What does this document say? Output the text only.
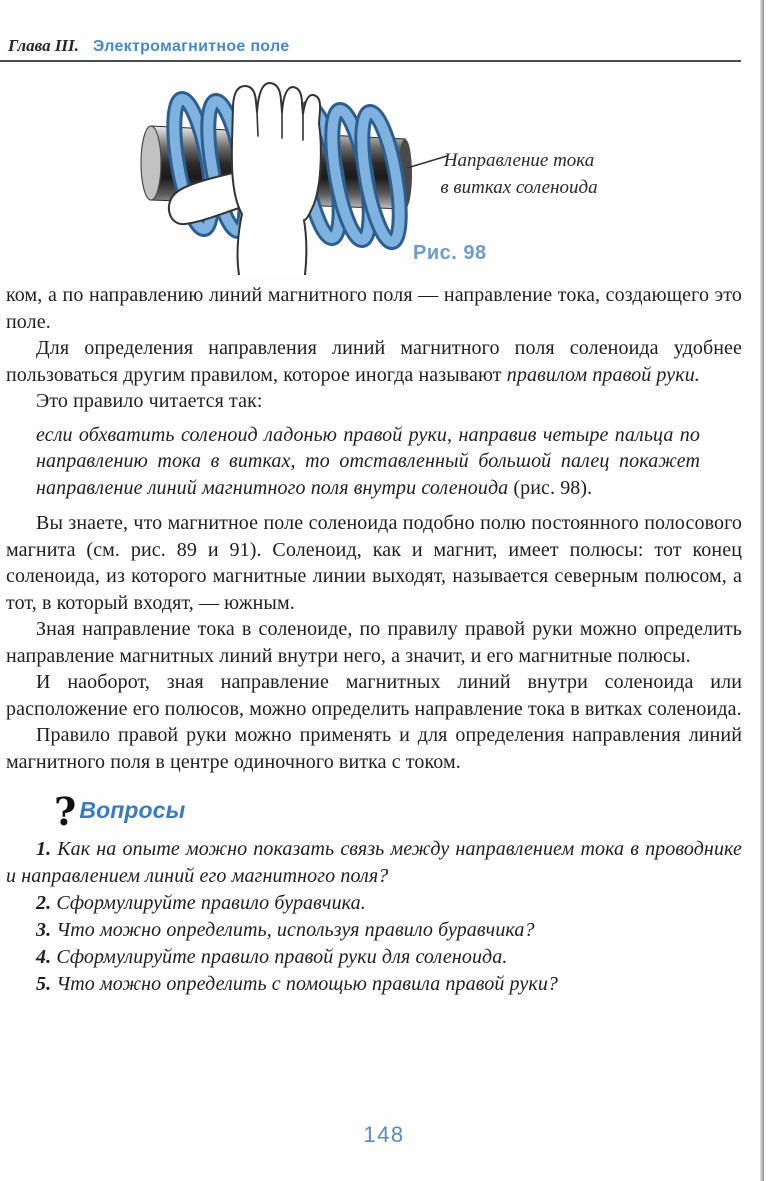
Глава III. Электромагнитное поле
Направление тока в витках соленоида
Рис. 98

ком, а по направлению линий магнитного поля — направление тока, создающего это поле.

Для определения направления линий магнитного поля соленоида удобнее пользоваться другим правилом, которое иногда называют правилом правой руки.

Это правило читается так:

если обхватить соленоид ладонью правой руки, направив четыре пальца по направлению тока в витках, то отставленный большой палец покажет направление линий магнитного поля внутри соленоида (рис. 98).

Вы знаете, что магнитное поле соленоида подобно полю постоянного полосового магнита (см. рис. 89 и 91). Соленоид, как и магнит, имеет полюсы: тот конец соленоида, из которого магнитные линии выходят, называется северным полюсом, а тот, в который входят, — южным.

Зная направление тока в соленоиде, по правилу правой руки можно определить направление магнитных линий внутри него, а значит, и его магнитные полюсы.

И наоборот, зная направление магнитных линий внутри соленоида или расположение его полюсов, можно определить направление тока в витках соленоида.

Правило правой руки можно применять и для определения направления линий магнитного поля в центре одиночного витка с током.

? Вопросы

1. Как на опыте можно показать связь между направлением тока в проводнике и направлением линий его магнитного поля?

2. Сформулируйте правило буравчика.

3. Что можно определить, используя правило буравчика?

4. Сформулируйте правило правой руки для соленоида.

5. Что можно определить с помощью правила правой руки?

148
